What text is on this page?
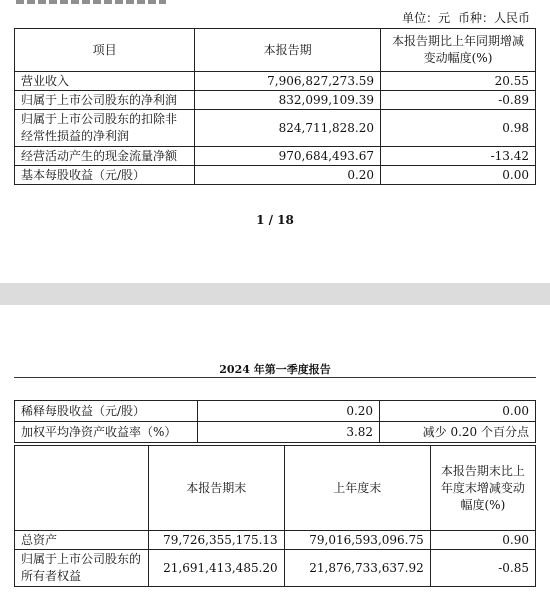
单位：元 币种：人民币
项目	本报告期	本报告期比上年同期增减变动幅度(%)
营业收入	7,906,827,273.59	20.55
归属于上市公司股东的净利润	832,099,109.39	-0.89
归属于上市公司股东的扣除非经常性损益的净利润	824,711,828.20	0.98
经营活动产生的现金流量净额	970,684,493.67	-13.42
基本每股收益（元/股）	0.20	0.00
1 / 18
2024 年第一季度报告
稀释每股收益（元/股）	0.20	0.00
加权平均净资产收益率（%）	3.82	减少 0.20 个百分点
	本报告期末	上年度末	本报告期末比上年度末增减变动幅度(%)
总资产	79,726,355,175.13	79,016,593,096.75	0.90
归属于上市公司股东的所有者权益	21,691,413,485.20	21,876,733,637.92	-0.85
